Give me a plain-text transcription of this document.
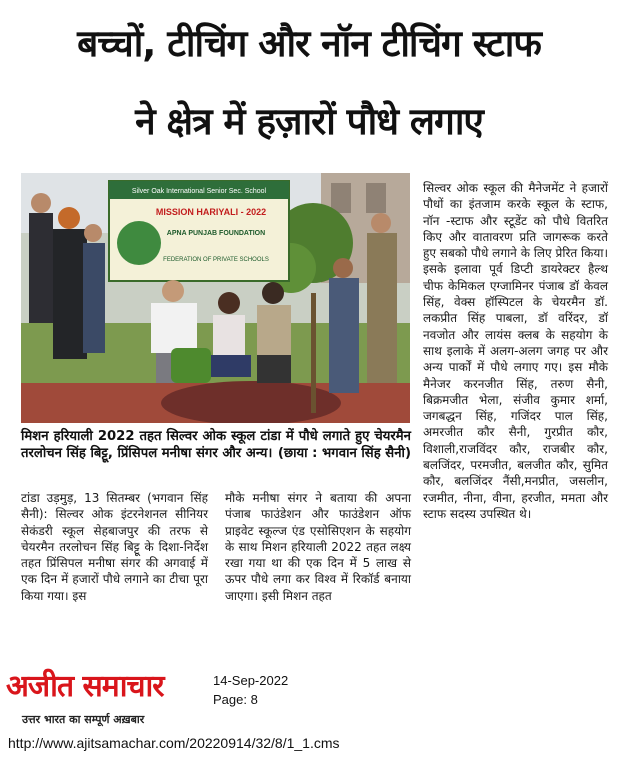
बच्चों, टीचिंग और नॉन टीचिंग स्टाफ
ने क्षेत्र में हज़ारों पौधे लगाए
Silver Oak International Senior Sec. School
MISSION HARIYALI - 2022
APNA PUNJAB FOUNDATION
FEDERATION OF PRIVATE SCHOOLS
मिशन हरियाली 2022 तहत सिल्वर ओक स्कूल टांडा में पौधे लगाते हुए चेयरमैन तरलोचन सिंह बिट्टू, प्रिंसिपल मनीषा संगर और अन्य। (छाया : भगवान सिंह सैनी)

टांडा उड़मुड़, 13 सितम्बर (भगवान सिंह सैनी): सिल्वर ओक इंटरनेशनल सीनियर सेकंडरी स्कूल सेहबाजपुर की तरफ से चेयरमैन तरलोचन सिंह बिट्टू के दिशा-निर्देश तहत प्रिंसिपल मनीषा संगर की अगवाई में एक दिन में हजारों पौधे लगाने का टीचा पूरा किया गया। इस

मौके मनीषा संगर ने बताया की अपना पंजाब फाउंडेशन और फाउंडेशन ऑफ प्राइवेट स्कूल्ज एंड एसोसिएशन के सहयोग के साथ मिशन हरियाली 2022 तहत लक्ष्य रखा गया था की एक दिन में 5 लाख से ऊपर पौधे लगा कर विश्व में रिकॉर्ड बनाया जाएगा। इसी मिशन तहत

सिल्वर ओक स्कूल की मैनेजमेंट ने हजारों पौधों का इंतजाम करके स्कूल के स्टाफ, नॉन -स्टाफ और स्टूडेंट को पौधे वितरित किए और वातावरण प्रति जागरूक करते हुए सबको पौधे लगाने के लिए प्रेरित किया। इसके इलावा पूर्व डिप्टी डायरेक्टर हैल्थ चीफ केमिकल एग्जामिनर पंजाब डॉ केवल सिंह, वेक्स हॉस्पिटल के चेयरमैन डॉ. लकप्रीत सिंह पाबला, डॉ वरिंदर, डॉ नवजोत और लायंस क्लब के सहयोग के साथ इलाके में अलग-अलग जगह पर और अन्य पार्कों में पौधे लगाए गए। इस मौके मैनेजर करनजीत सिंह, तरुण सैनी, बिक्रमजीत भेला, संजीव कुमार शर्मा, जगबद्धन सिंह, गजिंदर पाल सिंह, अमरजीत कौर सैनी, गुरप्रीत कौर, विशाली,राजविंदर कौर, राजबीर कौर, बलजिंदर, परमजीत, बलजीत कौर, सुमित कौर, बलजिंदर नैंसी,मनप्रीत, जसलीन, रजमीत, नीना, वीना, हरजीत, ममता और स्टाफ सदस्य उपस्थित थे।

अजीत समाचार
उत्तर भारत का सम्पूर्ण अख़बार
14-Sep-2022
Page: 8
http://www.ajitsamachar.com/20220914/32/8/1_1.cms
